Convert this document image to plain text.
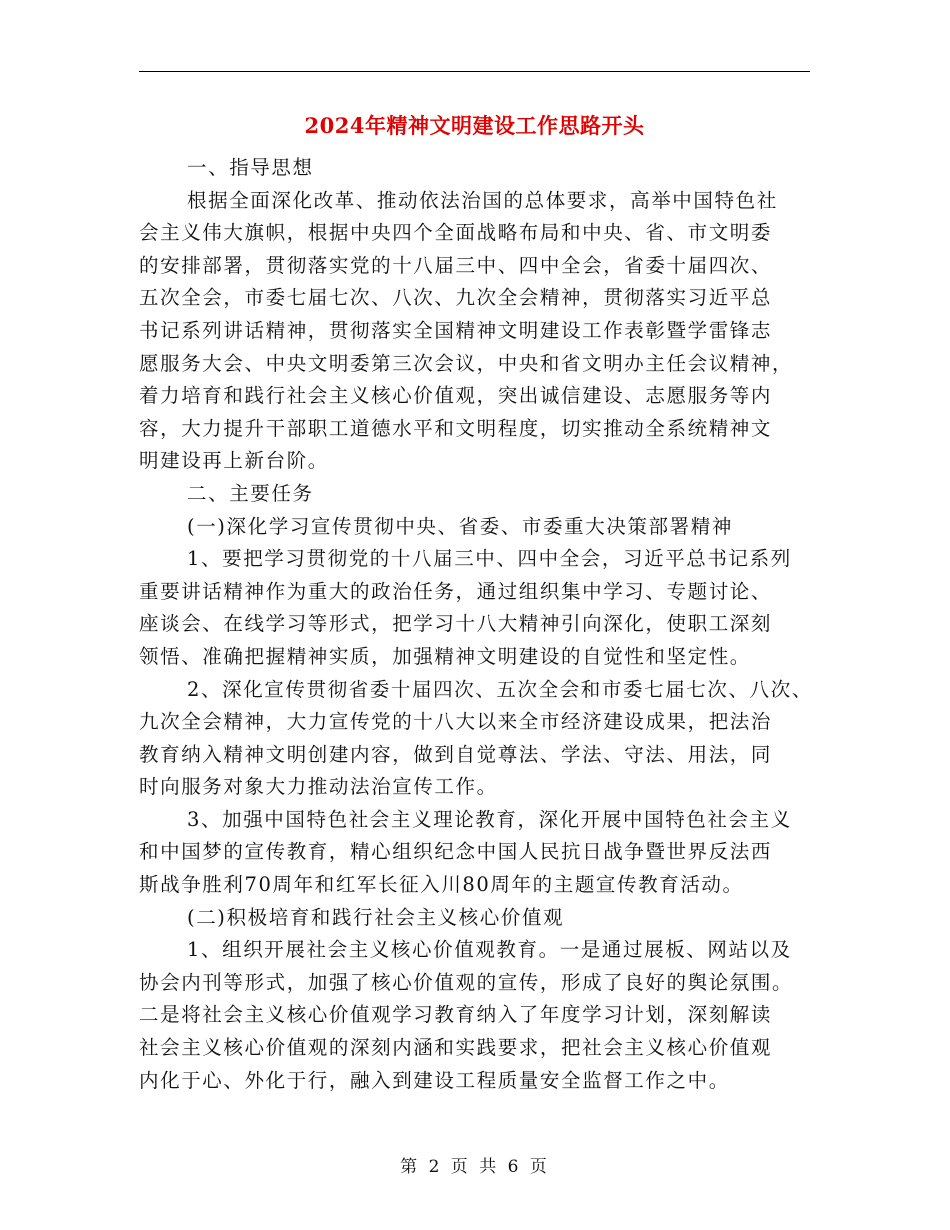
2024年精神文明建设工作思路开头
一、指导思想
根据全面深化改革、推动依法治国的总体要求，高举中国特色社
会主义伟大旗帜，根据中央四个全面战略布局和中央、省、市文明委
的安排部署，贯彻落实党的十八届三中、四中全会，省委十届四次、
五次全会，市委七届七次、八次、九次全会精神，贯彻落实习近平总
书记系列讲话精神，贯彻落实全国精神文明建设工作表彰暨学雷锋志
愿服务大会、中央文明委第三次会议，中央和省文明办主任会议精神，
着力培育和践行社会主义核心价值观，突出诚信建设、志愿服务等内
容，大力提升干部职工道德水平和文明程度，切实推动全系统精神文
明建设再上新台阶。
二、主要任务
(一)深化学习宣传贯彻中央、省委、市委重大决策部署精神
1、要把学习贯彻党的十八届三中、四中全会，习近平总书记系列
重要讲话精神作为重大的政治任务，通过组织集中学习、专题讨论、
座谈会、在线学习等形式，把学习十八大精神引向深化，使职工深刻
领悟、准确把握精神实质，加强精神文明建设的自觉性和坚定性。
2、深化宣传贯彻省委十届四次、五次全会和市委七届七次、八次、
九次全会精神，大力宣传党的十八大以来全市经济建设成果，把法治
教育纳入精神文明创建内容，做到自觉尊法、学法、守法、用法，同
时向服务对象大力推动法治宣传工作。
3、加强中国特色社会主义理论教育，深化开展中国特色社会主义
和中国梦的宣传教育，精心组织纪念中国人民抗日战争暨世界反法西
斯战争胜利70周年和红军长征入川80周年的主题宣传教育活动。
(二)积极培育和践行社会主义核心价值观
1、组织开展社会主义核心价值观教育。一是通过展板、网站以及
协会内刊等形式，加强了核心价值观的宣传，形成了良好的舆论氛围。
二是将社会主义核心价值观学习教育纳入了年度学习计划，深刻解读
社会主义核心价值观的深刻内涵和实践要求，把社会主义核心价值观
内化于心、外化于行，融入到建设工程质量安全监督工作之中。
第 2 页 共 6 页
